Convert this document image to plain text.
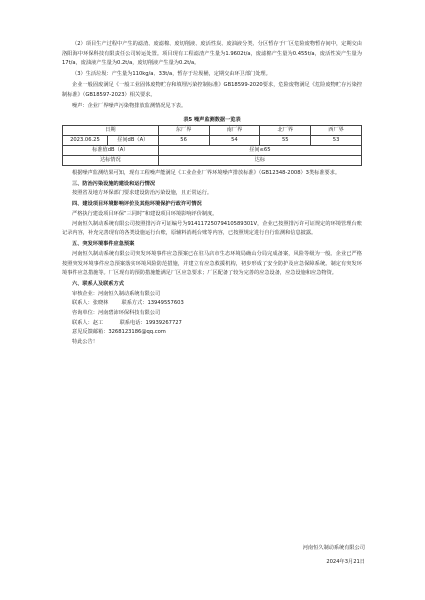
（2）项目生产过程中产生的滤渣、废滤棉、废切削液、废活性炭、废油液分类、分区暂存于厂区危险废物暂存间中，定期交由洛阳海中环保科技有限责任公司转运处置。项目现有工程滤渣产生量为1.9602t/a，废滤棉产生量为0.455t/a，废活性炭产生量为17t/a，废油液产生量为0.2t/a，废切削液产生量为0.2t/a。

（3）生活垃圾：产生量为110kg/a、33t/a，暂存于垃圾桶，定期交由环卫部门处理。

企业一般固废满足《一般工业固体废物贮存和填埋污染控制标准》GB18599-2020要求，危险废物满足《危险废物贮存污染控制标准》（GB18597-2023）相关要求。

噪声：企业厂界噪声污染物排放监测情况见下表。

表5 噪声监测数据一览表
日期		东厂界	南厂界	北厂界	西厂界
2023.06.25	昼间dB（A）	56	54	55	53
标准值dB（A）		昼间≤65			
达标情况		达标			

根据噪声监测结果可知，现有工程噪声能满足《工业企业厂界环境噪声排放标准》（GB12348-2008）3类标准要求。

三、防治污染设施的建设和运行情况

按照省及地方环保部门要求建设防治污染设施，且正常运行。

四、建设项目环境影响评价及其他环境保护行政许可情况

严格执行建设项目环保“三同时”和建设项目环境影响评价制度。

河南恒久制动系统有限公司按照排污许可证编号为91411725079410589301V，企业已按照排污许可证规定的环境管理台账记录内容，补充完善现有的各类设施运行台账，原辅料消耗台账等内容，已按照规定进行自行监测和信息披露。

五、突发环境事件应急预案

河南恒久制动系统有限公司突发环境事件应急预案已在驻马店市生态环境局确山分局完成备案，风险等级为一般。企业已严格按照突发环境事件应急预案落实环境风险防范措施，并建立有应急救援机构，初步形成了安全防护及应急保障系统。制定有突发环境事件应急措施等。厂区现有的预防措施能满足厂区应急要求；厂区配备了较为完善的应急设备，应急设施和应急物资。

六、联系人及联系方式

审核企业：河南恒久制动系统有限公司

联系人：张晓林        联系方式：13949557603

咨询单位：河南碧沛环保科技有限公司

联系人：赵工          联系电话：19939267727

意见反馈邮箱：3268123186@qq.com

特此公告！

河南恒久制动系统有限公司
2024年3月21日
